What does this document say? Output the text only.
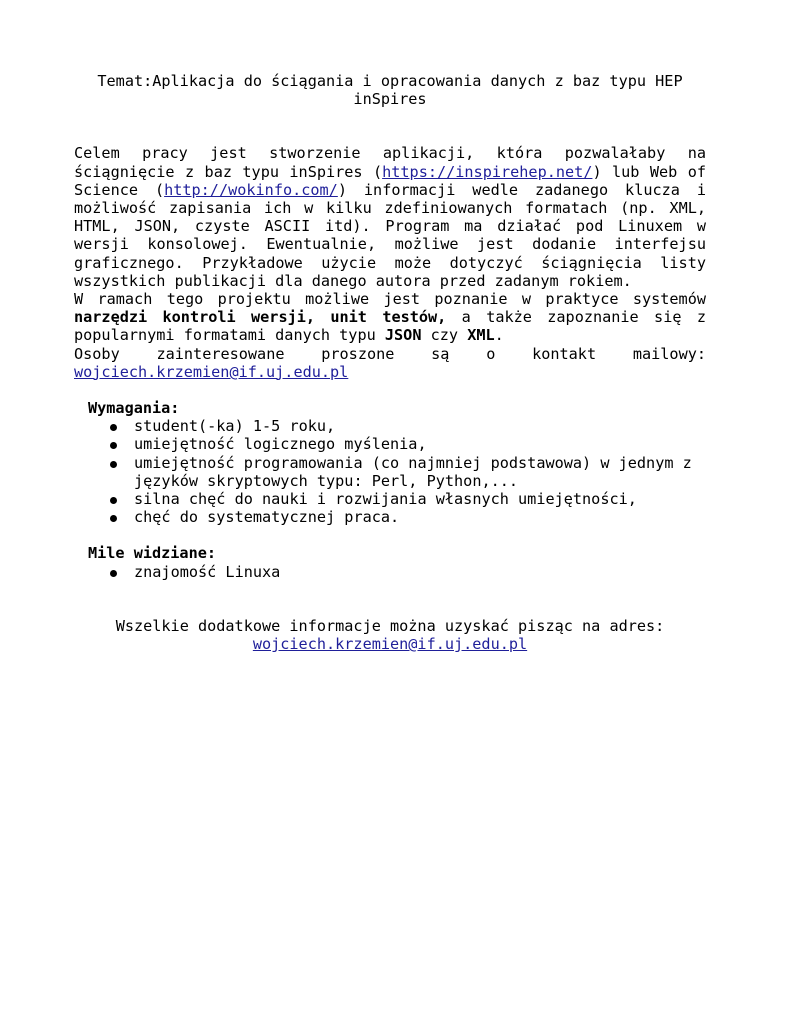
Temat:Aplikacja do ściągania i opracowania danych z baz typu HEP
inSpires

Celem pracy jest stworzenie aplikacji, która pozwalałaby na ściągnięcie z baz typu inSpires (https://inspirehep.net/) lub Web of Science (http://wokinfo.com/) informacji wedle zadanego klucza i możliwość zapisania ich w kilku zdefiniowanych formatach (np. XML, HTML, JSON, czyste ASCII itd). Program ma działać pod Linuxem w wersji konsolowej. Ewentualnie, możliwe jest dodanie interfejsu graficznego. Przykładowe użycie może dotyczyć ściągnięcia listy wszystkich publikacji dla danego autora przed zadanym rokiem.

W ramach tego projektu możliwe jest poznanie w praktyce systemów narzędzi kontroli wersji, unit testów, a także zapoznanie się z popularnymi formatami danych typu JSON czy XML.

Osoby zainteresowane proszone są o kontakt mailowy:

wojciech.krzemien@if.uj.edu.pl

Wymagania:
student(-ka) 1-5 roku,
umiejętność logicznego myślenia,
umiejętność programowania (co najmniej podstawowa) w jednym z języków skryptowych typu: Perl, Python,...
silna chęć do nauki i rozwijania własnych umiejętności,
chęć do systematycznej praca.
Mile widziane:
znajomość Linuxa
Wszelkie dodatkowe informacje można uzyskać pisząc na adres:
wojciech.krzemien@if.uj.edu.pl
